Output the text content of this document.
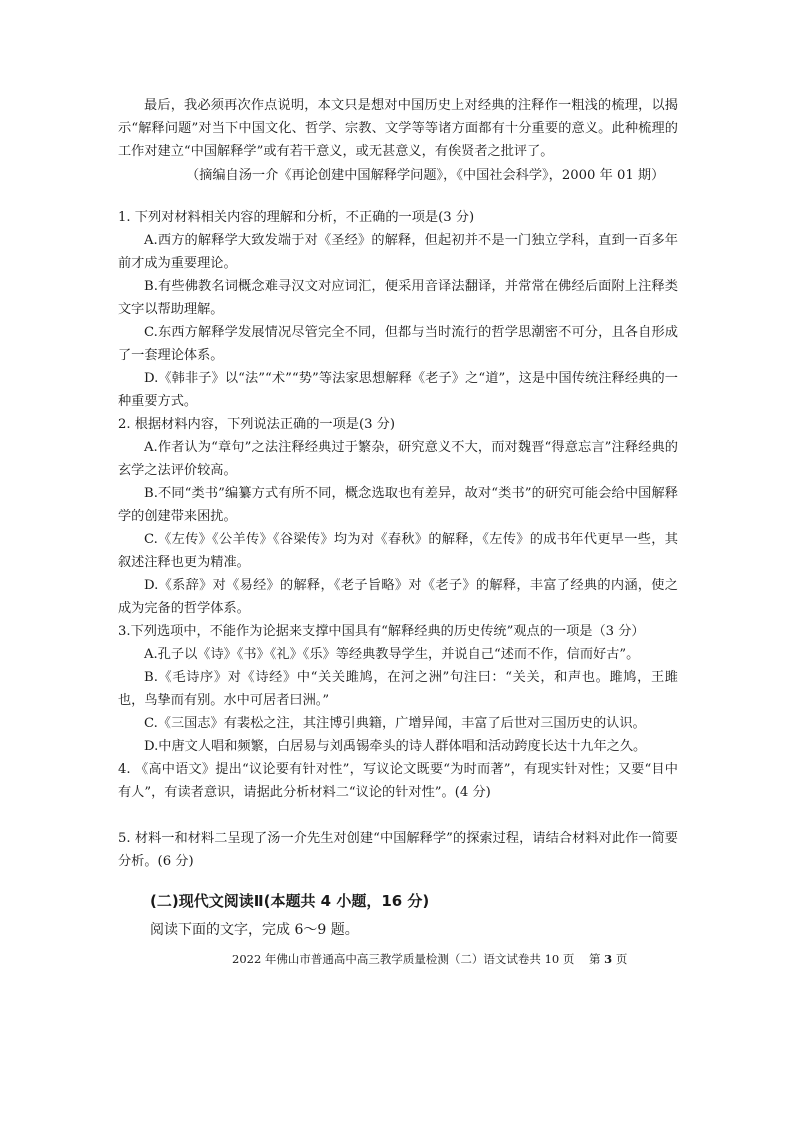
最后，我必须再次作点说明，本文只是想对中国历史上对经典的注释作一粗浅的梳理，以揭示“解释问题”对当下中国文化、哲学、宗教、文学等等诸方面都有十分重要的意义。此种梳理的工作对建立“中国解释学”或有若干意义，或无甚意义，有俟贤者之批评了。

（摘编自汤一介《再论创建中国解释学问题》，《中国社会科学》，2000 年 01 期）

1. 下列对材料相关内容的理解和分析，不正确的一项是(3 分)
A.西方的解释学大致发端于对《圣经》的解释，但起初并不是一门独立学科，直到一百多年前才成为重要理论。
B.有些佛教名词概念难寻汉文对应词汇，便采用音译法翻译，并常常在佛经后面附上注释类文字以帮助理解。
C.东西方解释学发展情况尽管完全不同，但都与当时流行的哲学思潮密不可分，且各自形成了一套理论体系。
D.《韩非子》以“法”“术”“势”等法家思想解释《老子》之“道”，这是中国传统注释经典的一种重要方式。
2. 根据材料内容，下列说法正确的一项是(3 分)
A.作者认为“章句”之法注释经典过于繁杂，研究意义不大，而对魏晋“得意忘言”注释经典的玄学之法评价较高。
B.不同“类书”编纂方式有所不同，概念选取也有差异，故对“类书”的研究可能会给中国解释学的创建带来困扰。
C.《左传》《公羊传》《谷梁传》均为对《春秋》的解释，《左传》的成书年代更早一些，其叙述注释也更为精准。
D.《系辞》对《易经》的解释，《老子旨略》对《老子》的解释，丰富了经典的内涵，使之成为完备的哲学体系。
3.下列选项中，不能作为论据来支撑中国具有“解释经典的历史传统”观点的一项是（3 分）
A.孔子以《诗》《书》《礼》《乐》等经典教导学生，并说自己“述而不作，信而好古”。
B.《毛诗序》对《诗经》中“关关雎鸠，在河之洲”句注曰：“关关，和声也。雎鸠，王雎也，鸟挚而有别。水中可居者曰洲。”
C.《三国志》有裴松之注，其注博引典籍，广增异闻，丰富了后世对三国历史的认识。
D.中唐文人唱和频繁，白居易与刘禹锡牵头的诗人群体唱和活动跨度长达十九年之久。
4. 《高中语文》提出“议论要有针对性”，写议论文既要“为时而著”，有现实针对性；又要“目中有人”，有读者意识，请据此分析材料二“议论的针对性”。(4 分)
5. 材料一和材料二呈现了汤一介先生对创建“中国解释学”的探索过程，请结合材料对此作一简要分析。(6 分)

(二)现代文阅读Ⅱ(本题共 4 小题，16 分)

阅读下面的文字，完成 6～9 题。

2022 年佛山市普通高中高三教学质量检测（二）语文试卷共 10 页 第 3 页
